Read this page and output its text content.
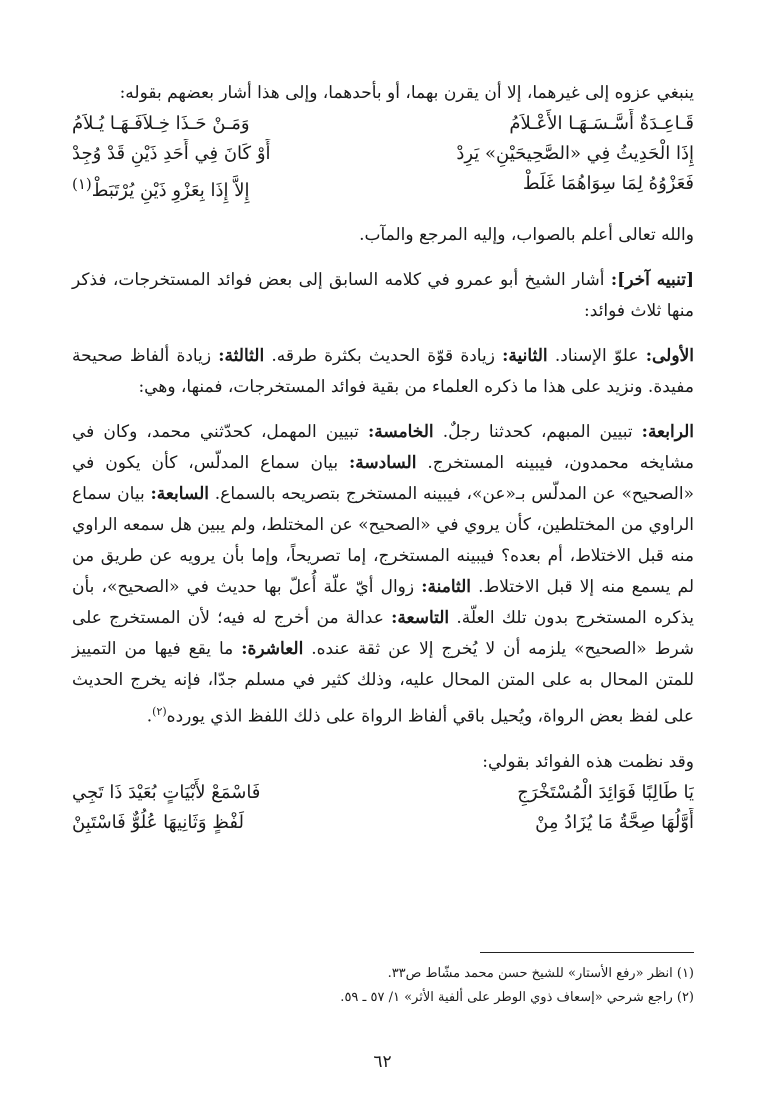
ينبغي عزوه إلى غيرهما، إلا أن يقرن بهما، أو بأحدهما، وإلى هذا أشار بعضهم بقوله:

قَـاعِـدَةٌ أَسَّـسَـهَـا الأَعْـلاَمُ
وَمَـنْ حَـذَا خِـلاَفَـهَـا يُـلاَمُ
إِذَا الْحَدِيثُ فِي «الصَّحِيحَيْنِ» يَرِدْ
أَوْ كَانَ فِي أَحَدِ ذَيْنِ قَدْ وُجِدْ
فَعَزْوُهُ لِمَا سِوَاهُمَا غَلَطْ
إِلاَّ إِذَا بِعَزْوِ ذَيْنِ يُرْتَبَطْ$^{(١)}$

والله تعالى أعلم بالصواب، وإليه المرجع والمآب.

[تنبيه آخر]: أشار الشيخ أبو عمرو في كلامه السابق إلى بعض فوائد المستخرجات، فذكر منها ثلاث فوائد:

الأولى: علوّ الإسناد. الثانية: زيادة قوّة الحديث بكثرة طرقه. الثالثة: زيادة ألفاظ صحيحة مفيدة. ونزيد على هذا ما ذكره العلماء من بقية فوائد المستخرجات، فمنها، وهي:

الرابعة: تبيين المبهم، كحدثنا رجلٌ. الخامسة: تبيين المهمل، كحدّثني محمد، وكان في مشايخه محمدون، فيبينه المستخرج. السادسة: بيان سماع المدلّس، كأن يكون في «الصحيح» عن المدلّس بـ«عن»، فيبينه المستخرج بتصريحه بالسماع. السابعة: بيان سماع الراوي من المختلطين، كأن يروي في «الصحيح» عن المختلط، ولم يبين هل سمعه الراوي منه قبل الاختلاط، أم بعده؟ فيبينه المستخرج، إما تصريحاً، وإما بأن يرويه عن طريق من لم يسمع منه إلا قبل الاختلاط. الثامنة: زوال أيّ علّة أُعلّ بها حديث في «الصحيح»، بأن يذكره المستخرج بدون تلك العلّة. التاسعة: عدالة من أخرج له فيه؛ لأن المستخرج على شرط «الصحيح» يلزمه أن لا يُخرج إلا عن ثقة عنده. العاشرة: ما يقع فيها من التمييز للمتن المحال به على المتن المحال عليه، وذلك كثير في مسلم جدّا، فإنه يخرج الحديث على لفظ بعض الرواة، ويُحيل باقي ألفاظ الرواة على ذلك اللفظ الذي يورده$^{(٢)}$.

وقد نظمت هذه الفوائد بقولي:

يَا طَالِبًا فَوَائِدَ الْمُسْتَخْرَجِ
فَاسْمَعْ لأَبْيَاتٍ بُعَيْدَ ذَا تَجِي
أَوَّلُهَا صِحَّةُ مَا يُزَادُ مِنْ
لَفْظٍ وَثَانِيهَا عُلُوٌّ فَاسْتَبِنْ

(١) انظر «رفع الأستار» للشيخ حسن محمد مشّاط ص٣٣.

(٢) راجع شرحي «إسعاف ذوي الوطر على ألفية الأثر» ١/ ٥٧ ـ ٥٩.

٦٢
